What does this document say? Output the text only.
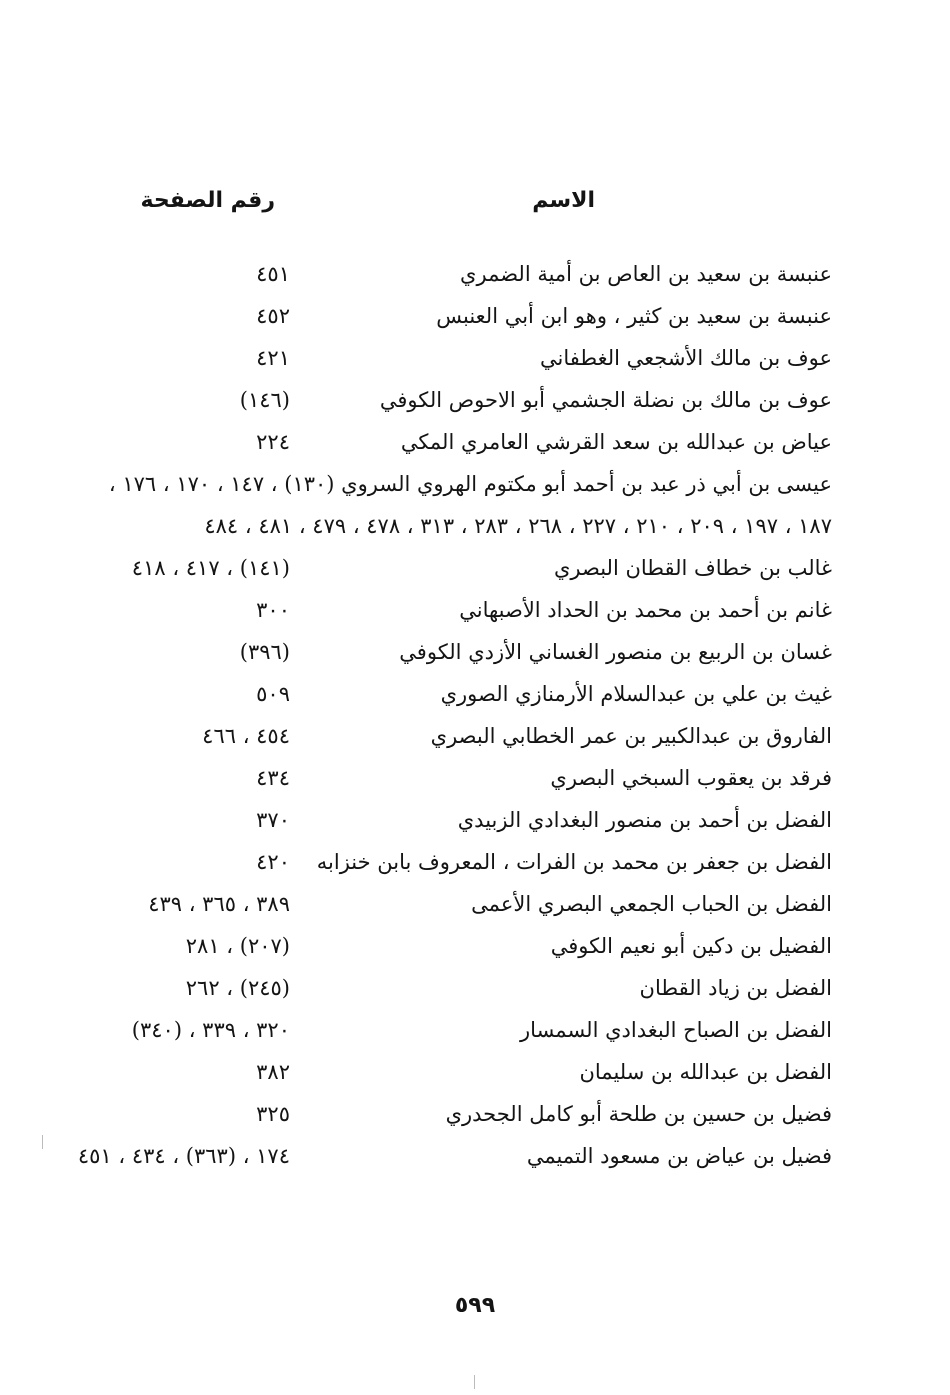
الاسم
رقم الصفحة
عنبسة بن سعيد بن العاص بن أمية الضمري
٤٥١
عنبسة بن سعيد بن كثير ، وهو ابن أبي العنبس
٤٥٢
عوف بن مالك الأشجعي الغطفاني
٤٢١
عوف بن مالك بن نضلة الجشمي أبو الاحوص الكوفي
(١٤٦)
عياض بن عبدالله بن سعد القرشي العامري المكي
٢٢٤
عيسى بن أبي ذر عبد بن أحمد أبو مكتوم الهروي السروي (١٣٠) ، ١٤٧ ، ١٧٠ ، ١٧٦ ،
١٨٧ ، ١٩٧ ، ٢٠٩ ، ٢١٠ ، ٢٢٧ ، ٢٦٨ ، ٢٨٣ ، ٣١٣ ، ٤٧٨ ، ٤٧٩ ، ٤٨١ ، ٤٨٤
غالب بن خطاف القطان البصري
(١٤١) ، ٤١٧ ، ٤١٨
غانم بن أحمد بن محمد بن الحداد الأصبهاني
٣٠٠
غسان بن الربيع بن منصور الغساني الأزدي الكوفي
(٣٩٦)
غيث بن علي بن عبدالسلام الأرمنازي الصوري
٥٠٩
الفاروق بن عبدالكبير بن عمر الخطابي البصري
٤٥٤ ، ٤٦٦
فرقد بن يعقوب السبخي البصري
٤٣٤
الفضل بن أحمد بن منصور البغدادي الزبيدي
٣٧٠
الفضل بن جعفر بن محمد بن الفرات ، المعروف بابن خنزابه
٤٢٠
الفضل بن الحباب الجمعي البصري الأعمى
٣٨٩ ، ٣٦٥ ، ٤٣٩
الفضيل بن دكين أبو نعيم الكوفي
(٢٠٧) ، ٢٨١
الفضل بن زياد القطان
(٢٤٥) ، ٢٦٢
الفضل بن الصباح البغدادي السمسار
٣٢٠ ، ٣٣٩ ، (٣٤٠)
الفضل بن عبدالله بن سليمان
٣٨٢
فضيل بن حسين بن طلحة أبو كامل الجحدري
٣٢٥
فضيل بن عياض بن مسعود التميمي
١٧٤ ، (٣٦٣) ، ٤٣٤ ، ٤٥١
٥٩٩
